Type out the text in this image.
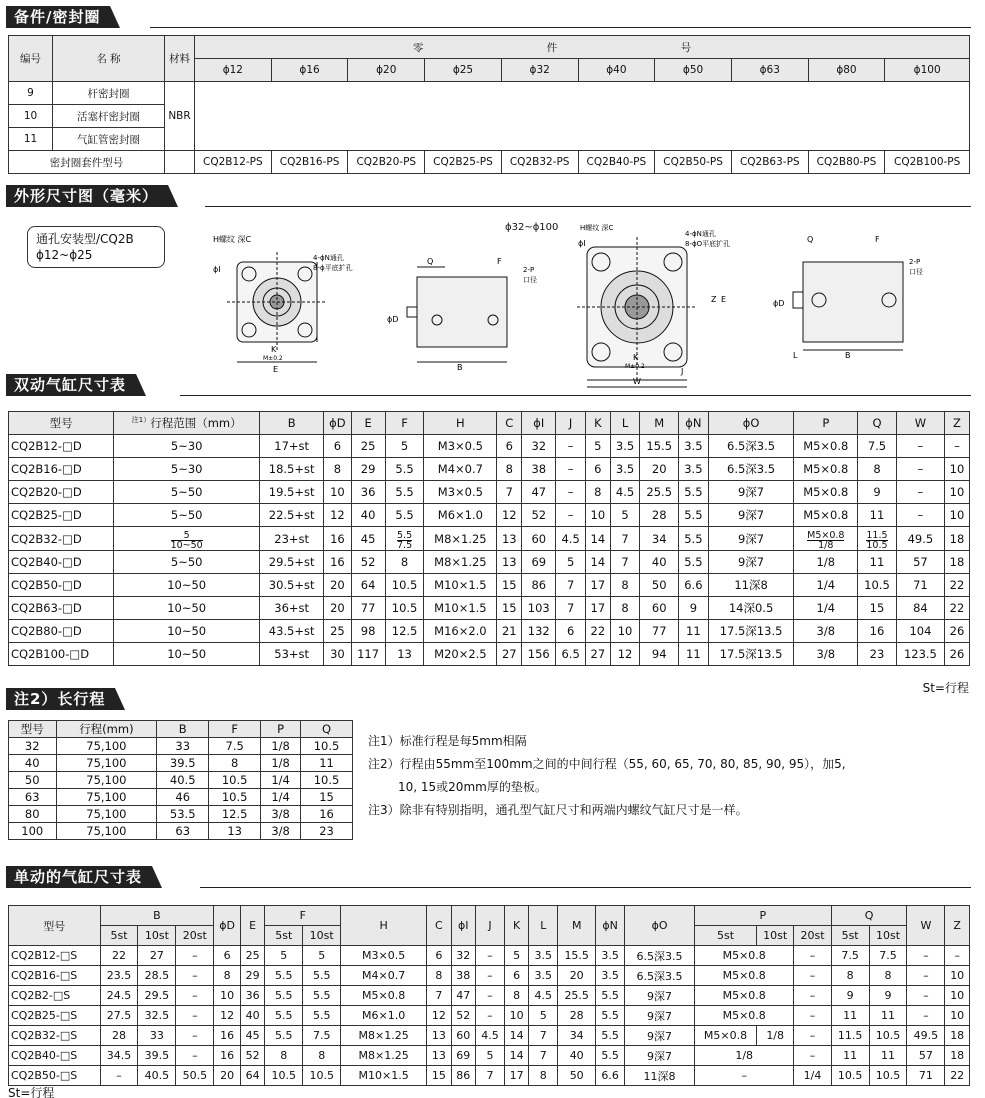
备件/密封圈
编号	名 称	材料	零 件 号									
			ϕ12	ϕ16	ϕ20	ϕ25	ϕ32	ϕ40	ϕ50	ϕ63	ϕ80	ϕ100
9	杆密封圈	NBR										
10	活塞杆密封圈											
11	气缸管密封圈											
密封圈套件型号			CQ2B12-PS	CQ2B16-PS	CQ2B20-PS	CQ2B25-PS	CQ2B32-PS	CQ2B40-PS	CQ2B50-PS	CQ2B63-PS	CQ2B80-PS	CQ2B100-PS
外形尺寸图（毫米）
通孔安装型/CQ2B
ϕ12~ϕ25
ϕ32~ϕ100
H螺纹 深C
4-ϕN通孔
8-ϕ平底扩孔
ϕI
K
M±0.2
E
Q	F
2-P
口径
B
ϕD
H螺纹 深C
4-ϕN通孔
8-ϕO平底扩孔
ϕI
Z E
K
M±0.2
W
J
Q	F
2-P
口径
L	B
ϕD
双动气缸尺寸表
型号	$^{注1)}$行程范围（mm）	B	ϕD	E	F	H	C	ϕI	J	K	L	M	ϕN	ϕO	P	Q	W	Z
CQ2B12-□D	5~30	17+st	6	25	5	M3×0.5	6	32	–	5	3.5	15.5	3.5	6.5深3.5	M5×0.8	7.5	–	–
CQ2B16-□D	5~30	18.5+st	8	29	5.5	M4×0.7	8	38	–	6	3.5	20	3.5	6.5深3.5	M5×0.8	8	–	10
CQ2B20-□D	5~50	19.5+st	10	36	5.5	M3×0.5	7	47	–	8	4.5	25.5	5.5	9深7	M5×0.8	9	–	10
CQ2B25-□D	5~50	22.5+st	12	40	5.5	M6×1.0	12	52	–	10	5	28	5.5	9深7	M5×0.8	11	–	10
CQ2B32-□D	$\frac{5}{10\sim 50}$	23+st	16	45	$\frac{5.5}{7.5}$	M8×1.25	13	60	4.5	14	7	34	5.5	9深7	$\frac{M5\times 0.8}{1/8}$	$\frac{11.5}{10.5}$	49.5	18
CQ2B40-□D	5~50	29.5+st	16	52	8	M8×1.25	13	69	5	14	7	40	5.5	9深7	1/8	11	57	18
CQ2B50-□D	10~50	30.5+st	20	64	10.5	M10×1.5	15	86	7	17	8	50	6.6	11深8	1/4	10.5	71	22
CQ2B63-□D	10~50	36+st	20	77	10.5	M10×1.5	15	103	7	17	8	60	9	14深0.5	1/4	15	84	22
CQ2B80-□D	10~50	43.5+st	25	98	12.5	M16×2.0	21	132	6	22	10	77	11	17.5深13.5	3/8	16	104	26
CQ2B100-□D	10~50	53+st	30	117	13	M20×2.5	27	156	6.5	27	12	94	11	17.5深13.5	3/8	23	123.5	26
St=行程
注2）长行程
型号	行程(mm)	B	F	P	Q
32	75,100	33	7.5	1/8	10.5
40	75,100	39.5	8	1/8	11
50	75,100	40.5	10.5	1/4	10.5
63	75,100	46	10.5	1/4	15
80	75,100	53.5	12.5	3/8	16
100	75,100	63	13	3/8	23
注1）标准行程是每5mm相隔
注2）行程由55mm至100mm之间的中间行程（55, 60, 65, 70, 80, 85, 90, 95），加5,
10, 15或20mm厚的垫板。
注3）除非有特别指明，通孔型气缸尺寸和两端内螺纹气缸尺寸是一样。
单动的气缸尺寸表
型号	B			ϕD	E	F		H	C	ϕI	J	K	L	M	ϕN	ϕO	P			Q		W	Z
	5st	10st	20st			5st	10st										5st	10st	20st	5st	10st		
CQ2B12-□S	22	27	–	6	25	5	5	M3×0.5	6	32	–	5	3.5	15.5	3.5	6.5深3.5	M5×0.8		–	7.5	7.5	–	–
CQ2B16-□S	23.5	28.5	–	8	29	5.5	5.5	M4×0.7	8	38	–	6	3.5	20	3.5	6.5深3.5	M5×0.8		–	8	8	–	10
CQ2B2-□S	24.5	29.5	–	10	36	5.5	5.5	M5×0.8	7	47	–	8	4.5	25.5	5.5	9深7	M5×0.8		–	9	9	–	10
CQ2B25-□S	27.5	32.5	–	12	40	5.5	5.5	M6×1.0	12	52	–	10	5	28	5.5	9深7	M5×0.8		–	11	11	–	10
CQ2B32-□S	28	33	–	16	45	5.5	7.5	M8×1.25	13	60	4.5	14	7	34	5.5	9深7	M5×0.8	1/8	–	11.5	10.5	49.5	18
CQ2B40-□S	34.5	39.5	–	16	52	8	8	M8×1.25	13	69	5	14	7	40	5.5	9深7	1/8		–	11	11	57	18
CQ2B50-□S	–	40.5	50.5	20	64	10.5	10.5	M10×1.5	15	86	7	17	8	50	6.6	11深8	–		1/4	10.5	10.5	71	22
St=行程
